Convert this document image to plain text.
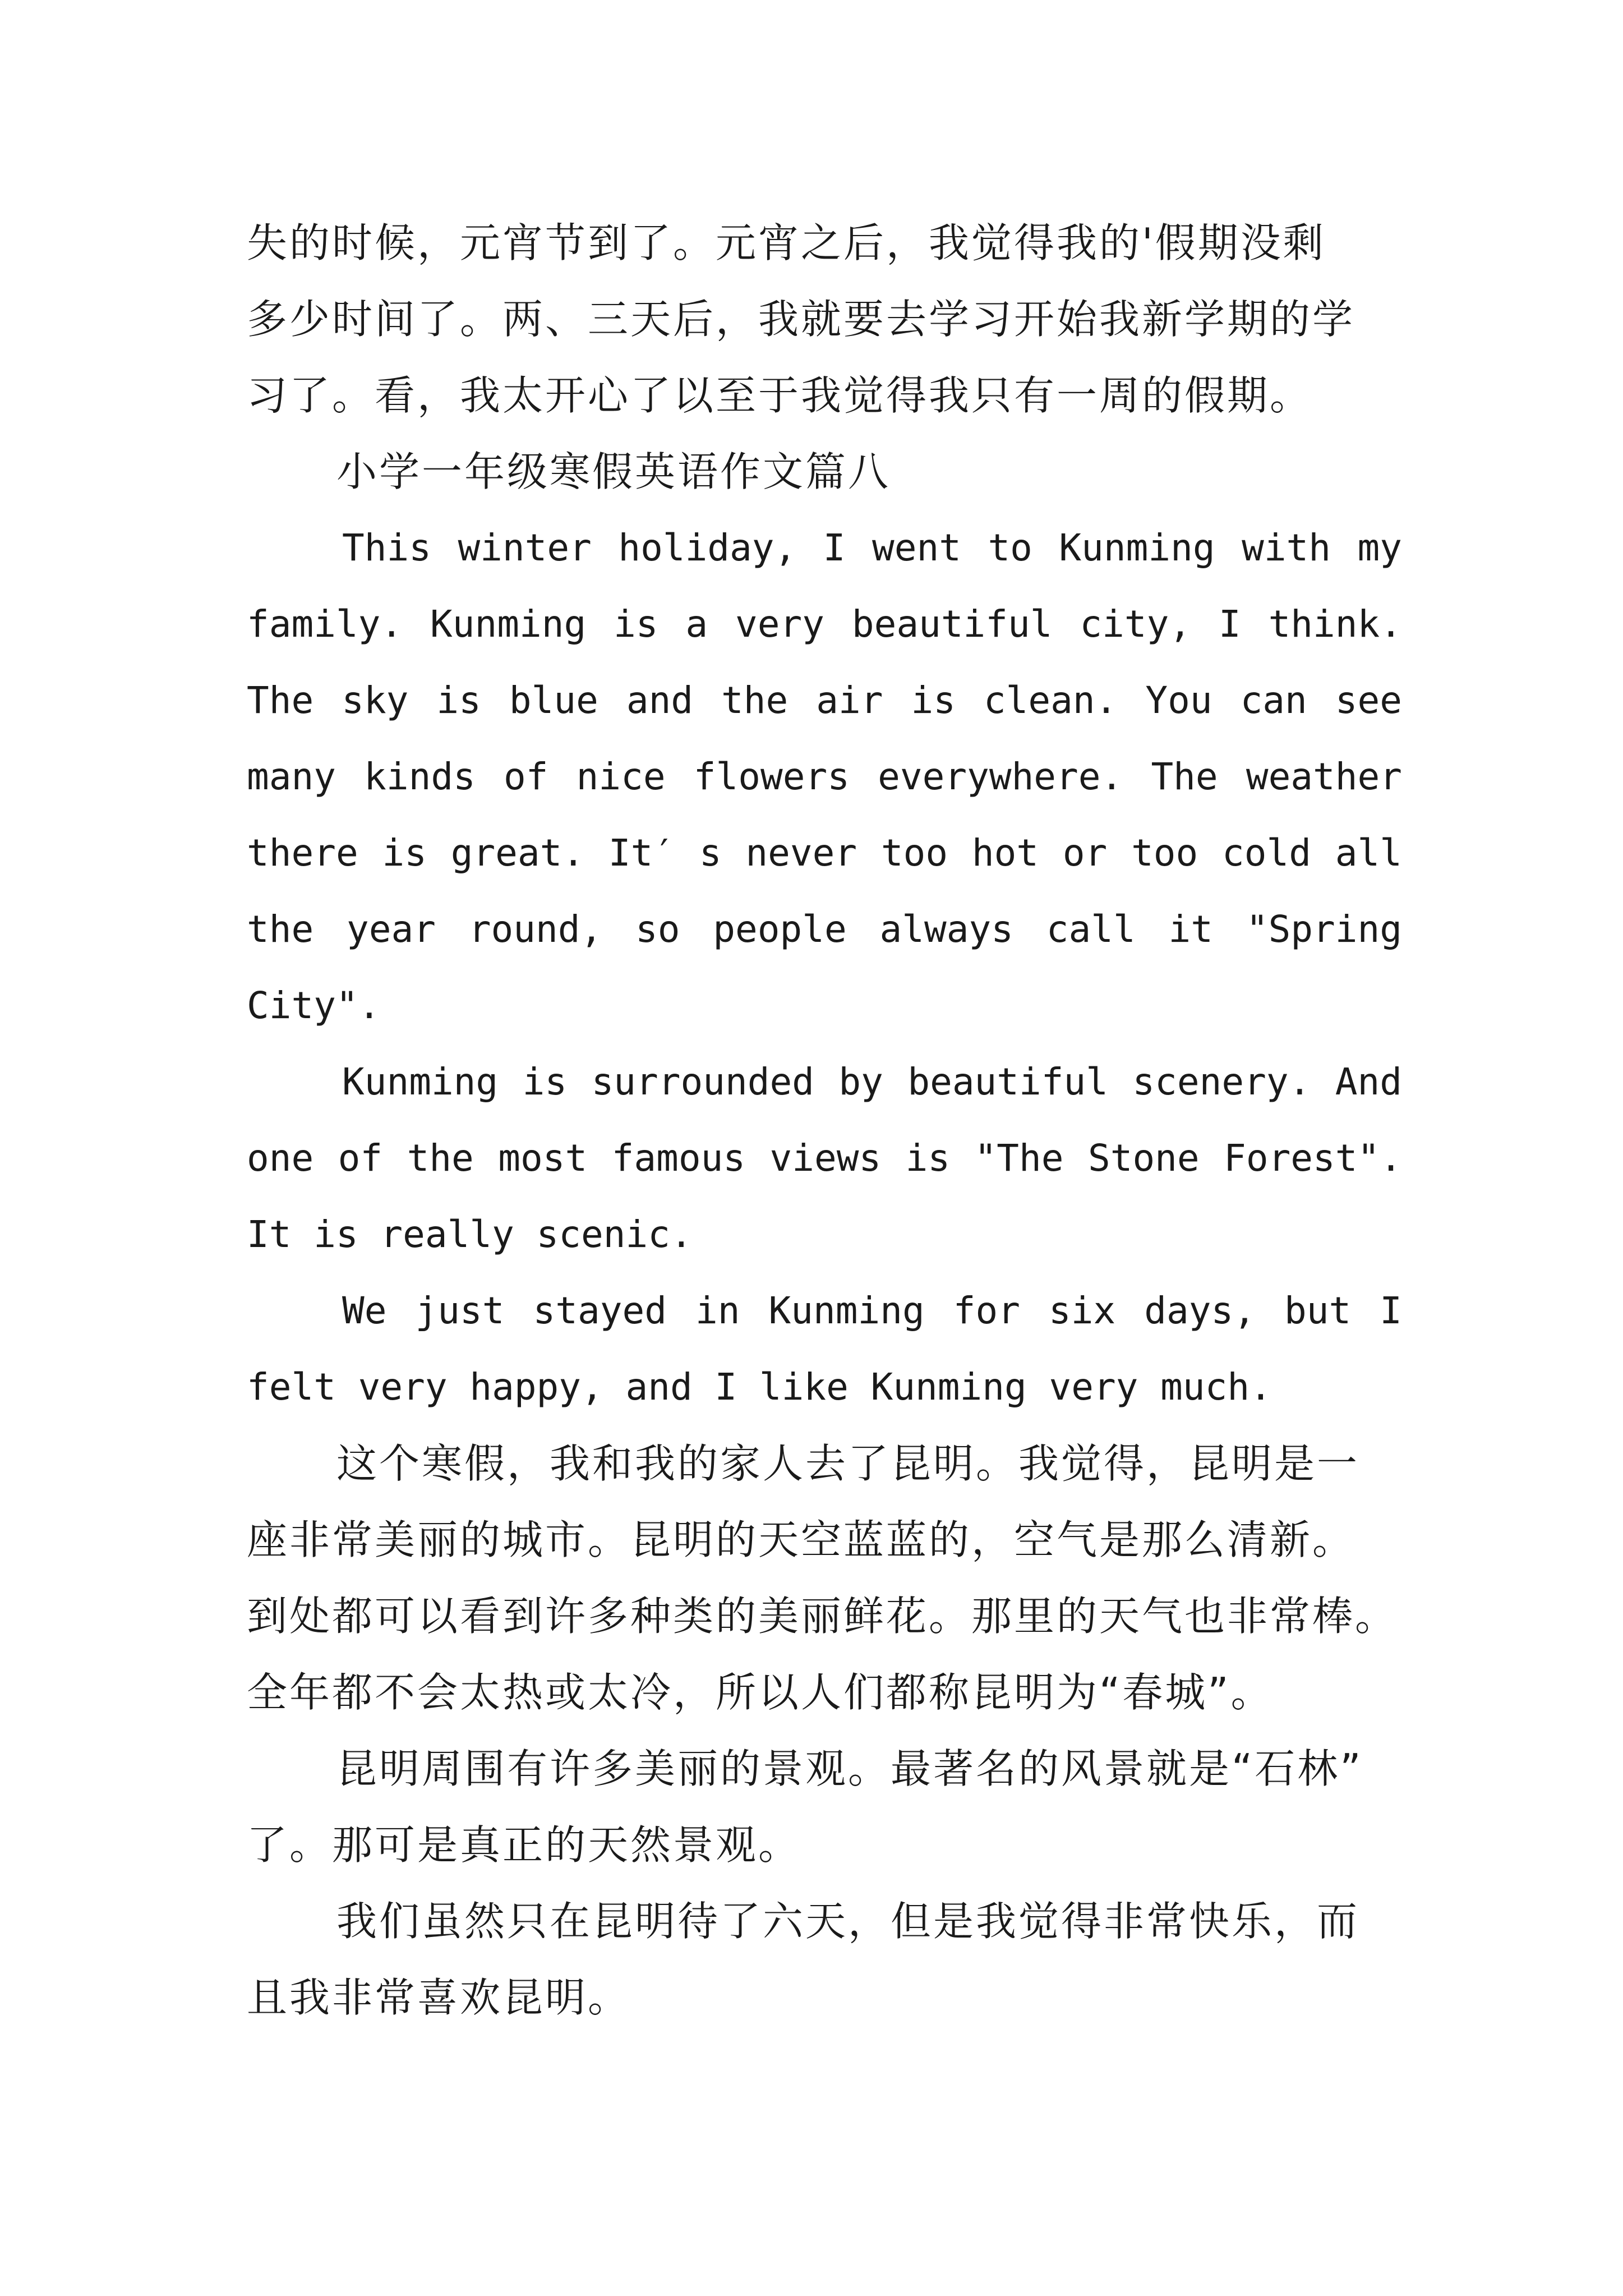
失的时候，元宵节到了。元宵之后，我觉得我的'假期没剩
多少时间了。两、三天后，我就要去学习开始我新学期的学
习了。看，我太开心了以至于我觉得我只有一周的假期。
小学一年级寒假英语作文篇八
This winter holiday, I went to Kunming with my
family. Kunming is a very beautiful city, I think.
The sky is blue and the air is clean. You can see
many kinds of nice flowers everywhere. The weather
there is great. It′ s never too hot or too cold all
the year round, so people always call it "Spring
City".
Kunming is surrounded by beautiful scenery. And
one of the most famous views is "The Stone Forest".
It is really scenic.
We just stayed in Kunming for six days, but I
felt very happy, and I like Kunming very much.
这个寒假，我和我的家人去了昆明。我觉得，昆明是一
座非常美丽的城市。昆明的天空蓝蓝的，空气是那么清新。
到处都可以看到许多种类的美丽鲜花。那里的天气也非常棒。
全年都不会太热或太冷，所以人们都称昆明为“春城”。
昆明周围有许多美丽的景观。最著名的风景就是“石林”
了。那可是真正的天然景观。
我们虽然只在昆明待了六天，但是我觉得非常快乐，而
且我非常喜欢昆明。
